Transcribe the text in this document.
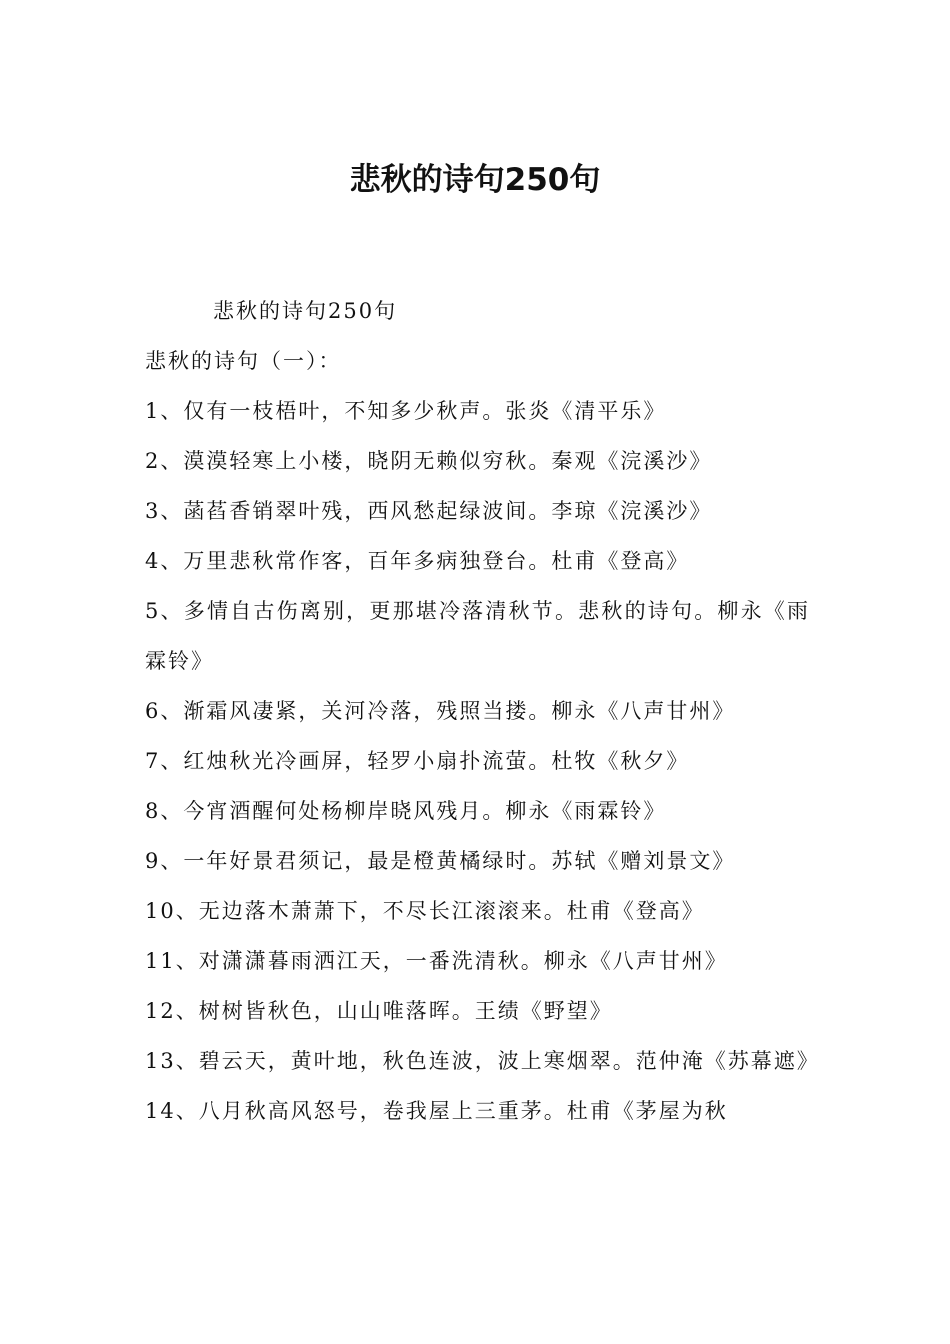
悲秋的诗句250句

悲秋的诗句250句

悲秋的诗句（一）：

1、仅有一枝梧叶，不知多少秋声。张炎《清平乐》

2、漠漠轻寒上小楼，晓阴无赖似穷秋。秦观《浣溪沙》

3、菡萏香销翠叶残，西风愁起绿波间。李琼《浣溪沙》

4、万里悲秋常作客，百年多病独登台。杜甫《登高》

5、多情自古伤离别，更那堪冷落清秋节。悲秋的诗句。柳永《雨霖铃》

6、渐霜风凄紧，关河冷落，残照当搂。柳永《八声甘州》

7、红烛秋光冷画屏，轻罗小扇扑流萤。杜牧《秋夕》

8、今宵酒醒何处杨柳岸晓风残月。柳永《雨霖铃》

9、一年好景君须记，最是橙黄橘绿时。苏轼《赠刘景文》

10、无边落木萧萧下，不尽长江滚滚来。杜甫《登高》

11、对潇潇暮雨洒江天，一番洗清秋。柳永《八声甘州》

12、树树皆秋色，山山唯落晖。王绩《野望》

13、碧云天，黄叶地，秋色连波，波上寒烟翠。范仲淹《苏幕遮》

14、八月秋高风怒号，卷我屋上三重茅。杜甫《茅屋为秋
